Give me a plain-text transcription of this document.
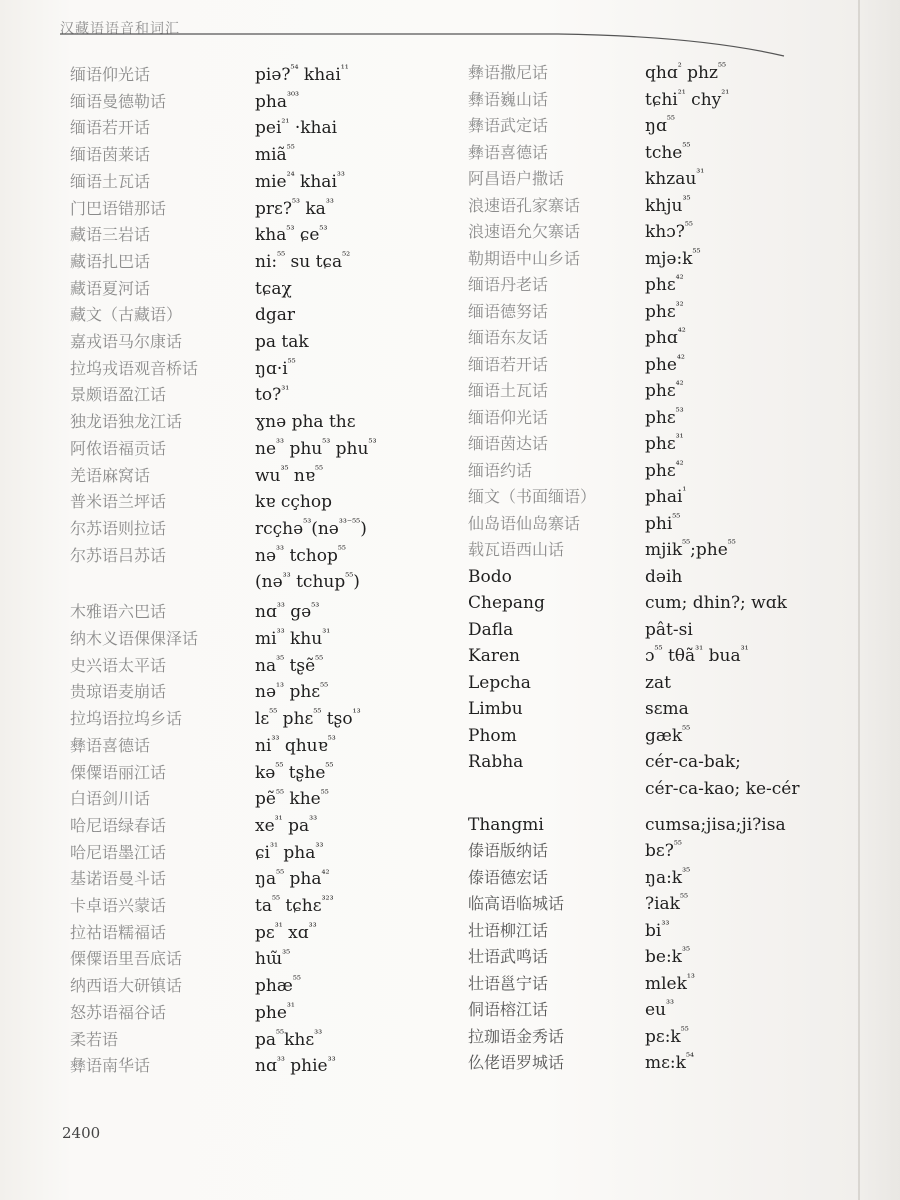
汉藏语语音和词汇
缅语仰光话
缅语曼德勒话
缅语若开话
缅语茵莱话
缅语土瓦话
门巴语错那话
藏语三岩话
藏语扎巴话
藏语夏河话
藏文（古藏语）
嘉戎语马尔康话
拉坞戎语观音桥话
景颇语盈江话
独龙语独龙江话
阿侬语福贡话
羌语麻窝话
普米语兰坪话
尔苏语则拉话
尔苏语吕苏话
木雅语六巴话
纳木义语倮倮泽话
史兴语太平话
贵琼语麦崩话
拉坞语拉坞乡话
彝语喜德话
傈僳语丽江话
白语剑川话
哈尼语绿春话
哈尼语墨江话
基诺语曼斗话
卡卓语兴蒙话
拉祜语糯福话
傈僳语里吾底话
纳西语大研镇话
怒苏语福谷话
柔若语
彝语南华话
piə?$^{^{54}}$ khai$^{^{11}}$
pha$^{^{303}}$
pei$^{^{21}}$ ·khai
miã$^{^{55}}$
mie$^{^{24}}$ khai$^{^{33}}$
prɛ?$^{^{53}}$ $ka^{^{33}}$
kha$^{^{53}}$ ɕe$^{^{53}}$
ni:$^{^{55}}$ su tɕa$^{^{52}}$
tɕaχ
dgar
pa tak
$ŋɑ\cdot i^{^{55}}$
to?$^{^{31}}$
ɣnə pha thɛ
$ne^{^{33}}$ phu$^{^{53}}$ phu$^{^{53}}$
$wu^{^{35}}$ nɐ$^{^{55}}$
kɐ cçhop
rcçhə$^{^{53}}$(nə$^{^{33-55}}$)
nə$^{^{33}}$ tchop$^{^{55}}$
(nə$^{^{33}}$ tchup$^{^{55}}$)
nɑ$^{^{33}}$ gə$^{^{53}}$
$mi^{^{33}}$ khu$^{^{31}}$
$na^{^{35}}$ tʂẽ$^{^{55}}$
nə$^{^{13}}$ phɛ$^{^{55}}$
lɛ$^{^{55}}$ phɛ$^{^{55}}$ tʂo$^{^{13}}$
$ni^{^{33}}$ qhuɐ$^{^{53}}$
kə$^{^{55}}$ tʂhe$^{^{55}}$
pẽ$^{^{55}}$ khe$^{^{55}}$
$xe^{^{31}}$ $pa^{^{33}}$
ɕi$^{^{31}}$ pha$^{^{33}}$
$ŋa^{^{55}}$ pha$^{^{42}}$
$ta^{^{55}}$ tɕhɛ$^{^{323}}$
pɛ$^{^{31}}$ xɑ$^{^{33}}$
hɯ̃$^{^{35}}$
phæ$^{^{55}}$
phe$^{^{31}}$
$pa^{^{55}}khɛ^{^{33}}$
nɑ$^{^{33}}$ phie$^{^{33}}$
彝语撒尼话
彝语巍山话
彝语武定话
彝语喜德话
阿昌语户撒话
浪速语孔家寨话
浪速语允欠寨话
勒期语中山乡话
缅语丹老话
缅语德努话
缅语东友话
缅语若开话
缅语土瓦话
缅语仰光话
缅语茵达话
缅语约话
缅文（书面缅语）
仙岛语仙岛寨话
载瓦语西山话
Bodo
Chepang
Dafla
Karen
Lepcha
Limbu
Phom
Rabha
Thangmi
傣语版纳话
傣语德宏话
临高语临城话
壮语柳江话
壮语武鸣话
壮语邕宁话
侗语榕江话
拉珈语金秀话
仫佬语罗城话
qhɑ$^{^2}$ phz$^{^{55}}$
tɕhi$^{^{21}}$ chy$^{^{21}}$
ŋɑ$^{^{55}}$
tche$^{^{55}}$
khzau$^{^{31}}$
khju$^{^{35}}$
khɔ?$^{^{55}}$
$mjə:k^{^{55}}$
phɛ$^{^{42}}$
phɛ$^{^{32}}$
phɑ$^{^{42}}$
phe$^{^{42}}$
phɛ$^{^{42}}$
phɛ$^{^{53}}$
phɛ$^{^{31}}$
phɛ$^{^{42}}$
phai$^{^1}$
phi$^{^{55}}$
mjik$^{^{55}}$;phe$^{^{55}}$
dəih
cum; dhin?; wɑk
pât-si
ɔ$^{^{55}}$ tθã$^{^{31}}$ bua$^{^{31}}$
zat
sɛma
gæk$^{^{55}}$
cér-ca-bak;
cér-ca-kao; ke-cér
cumsa;jisa;ji?isa
bɛ?$^{^{55}}$
$ŋa:k^{^{35}}$
?iak$^{^{55}}$
$bi^{^{33}}$
$be:k^{^{35}}$
mlek$^{^{13}}$
$eu^{^{33}}$
$pɛ:k^{^{55}}$
$mɛ:k^{^{54}}$
2400
